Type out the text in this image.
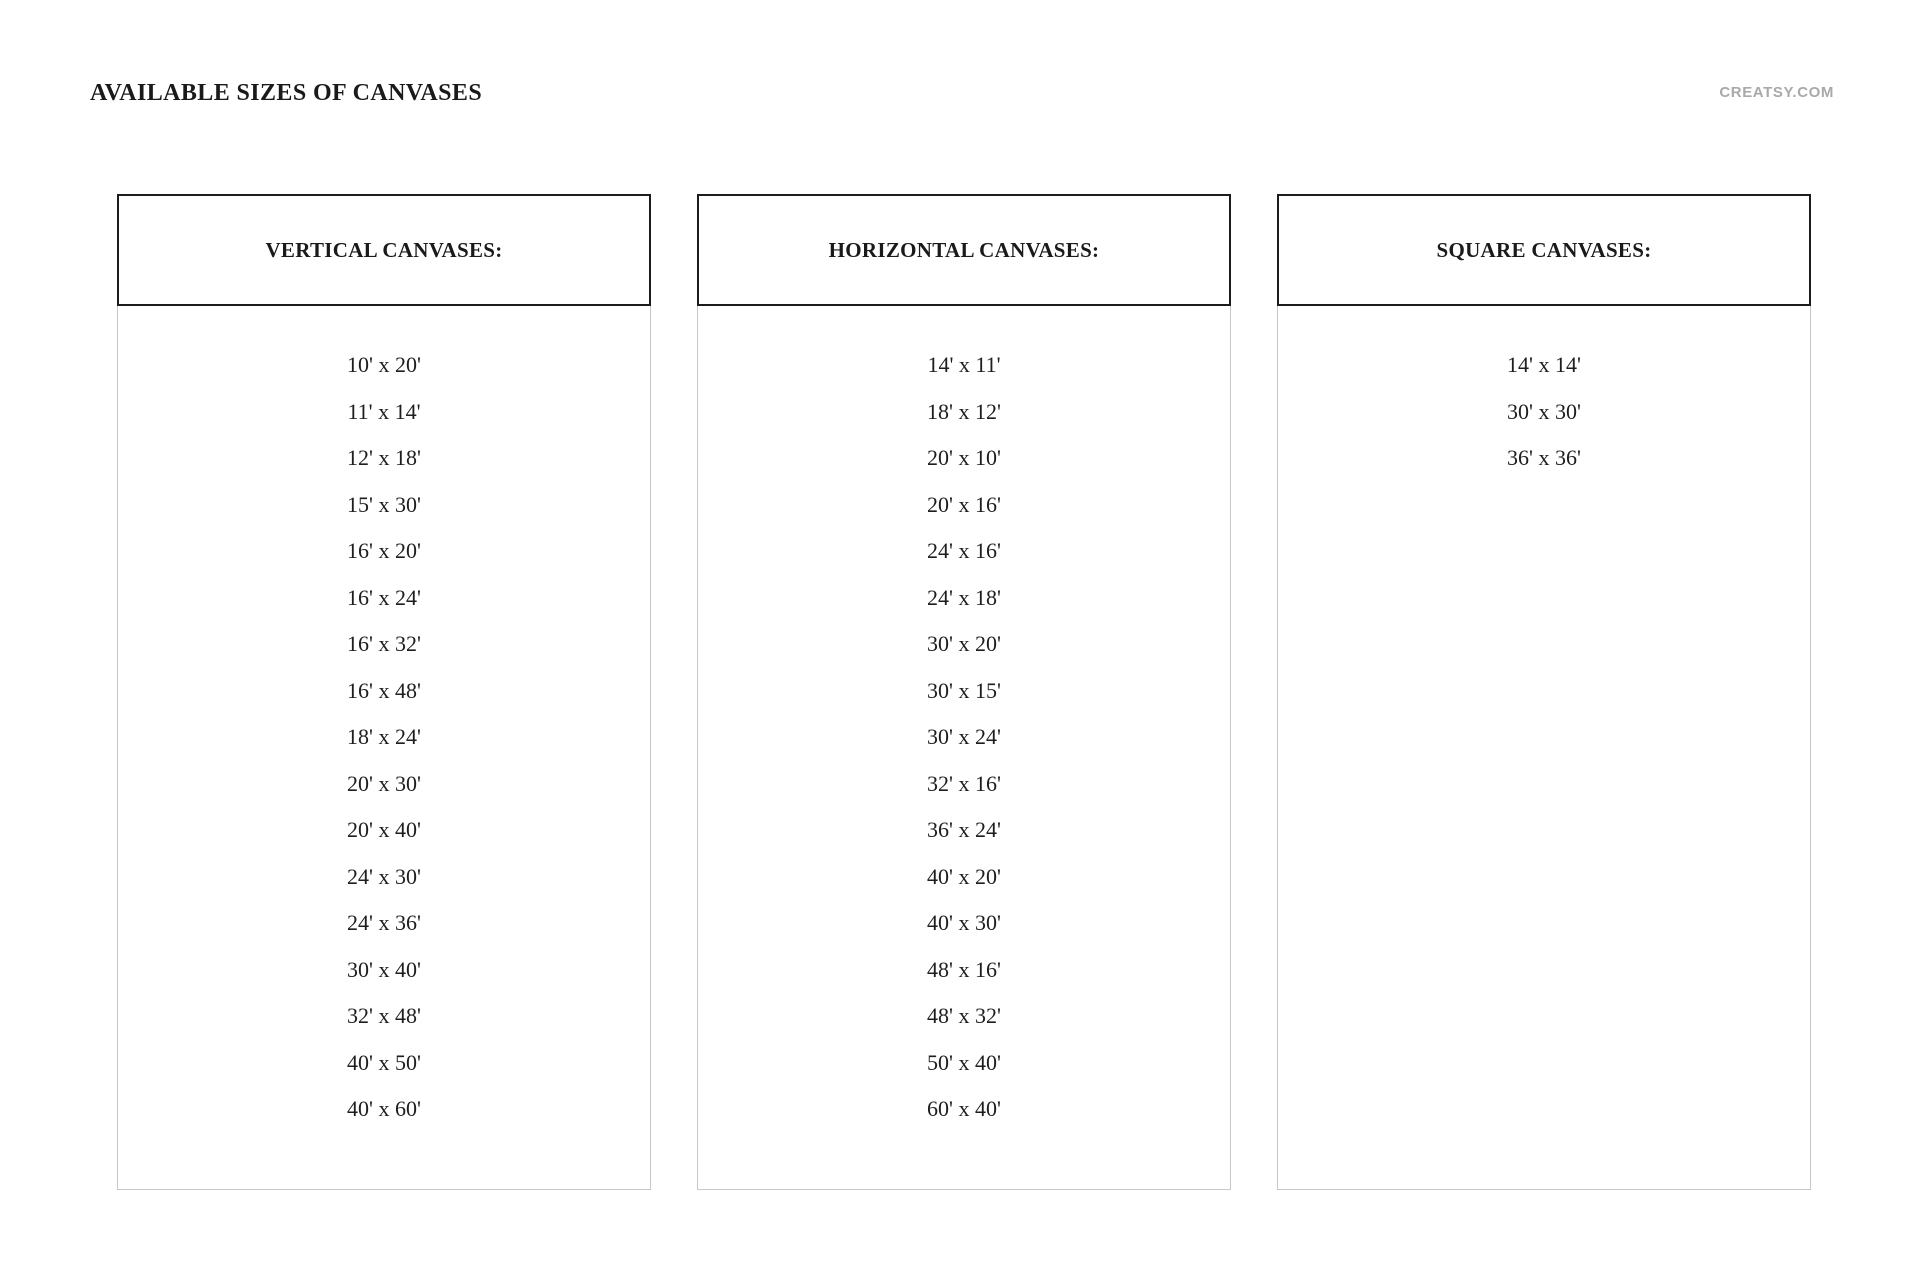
AVAILABLE SIZES OF CANVASES	CREATSY.COM
VERTICAL CANVASES:
10' x 20'
11' x 14'
12' x 18'
15' x 30'
16' x 20'
16' x 24'
16' x 32'
16' x 48'
18' x 24'
20' x 30'
20' x 40'
24' x 30'
24' x 36'
30' x 40'
32' x 48'
40' x 50'
40' x 60'
HORIZONTAL CANVASES:
14' x 11'
18' x 12'
20' x 10'
20' x 16'
24' x 16'
24' x 18'
30' x 20'
30' x 15'
30' x 24'
32' x 16'
36' x 24'
40' x 20'
40' x 30'
48' x 16'
48' x 32'
50' x 40'
60' x 40'
SQUARE CANVASES:
14' x 14'
30' x 30'
36' x 36'
